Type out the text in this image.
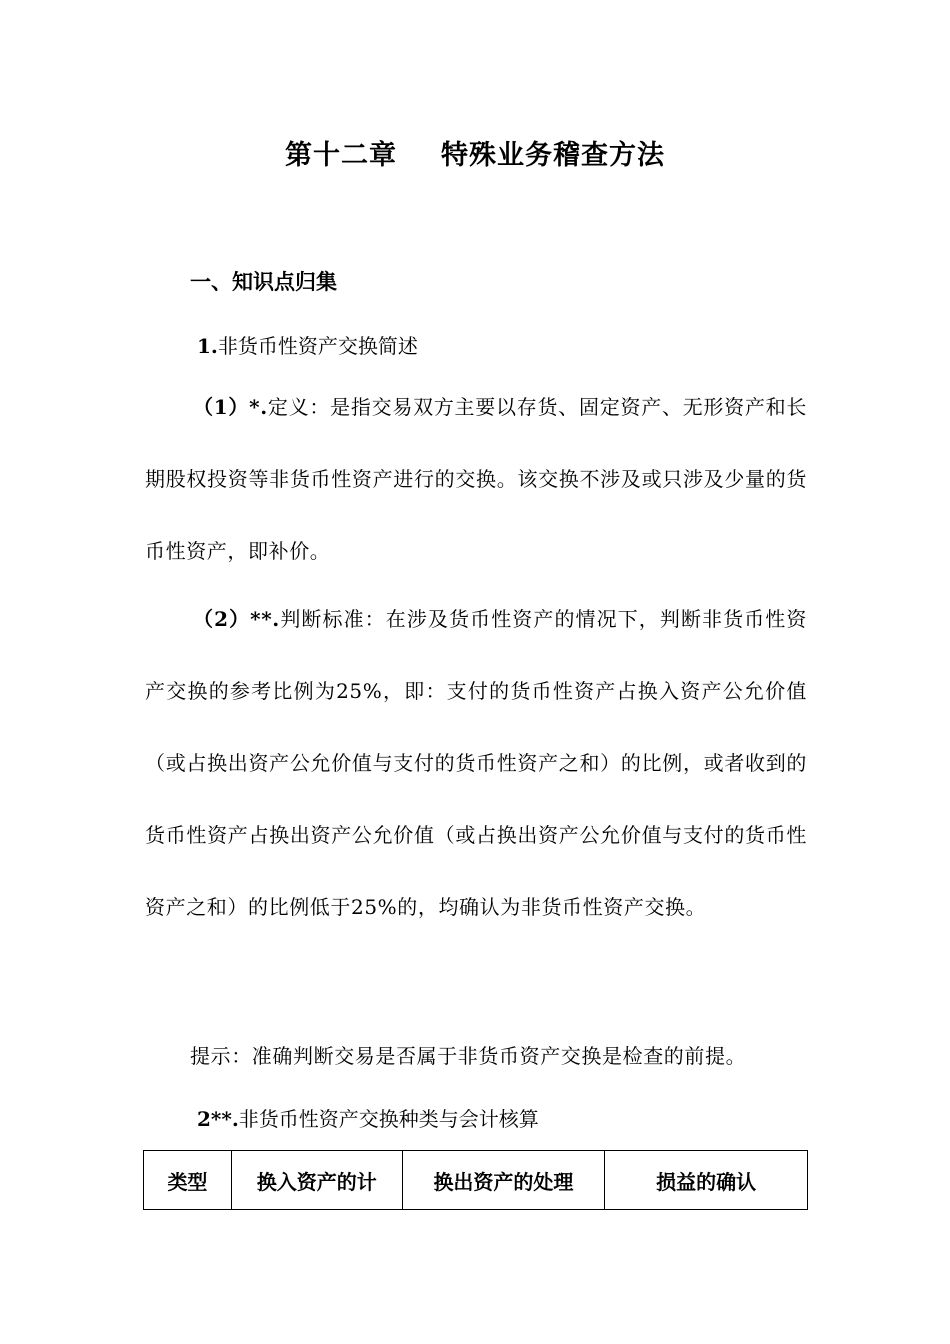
第十二章 特殊业务稽查方法
一、知识点归集
1.非货币性资产交换简述
（1）*.定义：是指交易双方主要以存货、固定资产、无形资产和长期股权投资等非货币性资产进行的交换。该交换不涉及或只涉及少量的货币性资产，即补价。
（2）**.判断标准：在涉及货币性资产的情况下，判断非货币性资产交换的参考比例为25%，即：支付的货币性资产占换入资产公允价值（或占换出资产公允价值与支付的货币性资产之和）的比例，或者收到的货币性资产占换出资产公允价值（或占换出资产公允价值与支付的货币性资产之和）的比例低于25%的，均确认为非货币性资产交换。
提示：准确判断交易是否属于非货币资产交换是检查的前提。
2**.非货币性资产交换种类与会计核算
类型	换入资产的计	换出资产的处理	损益的确认
